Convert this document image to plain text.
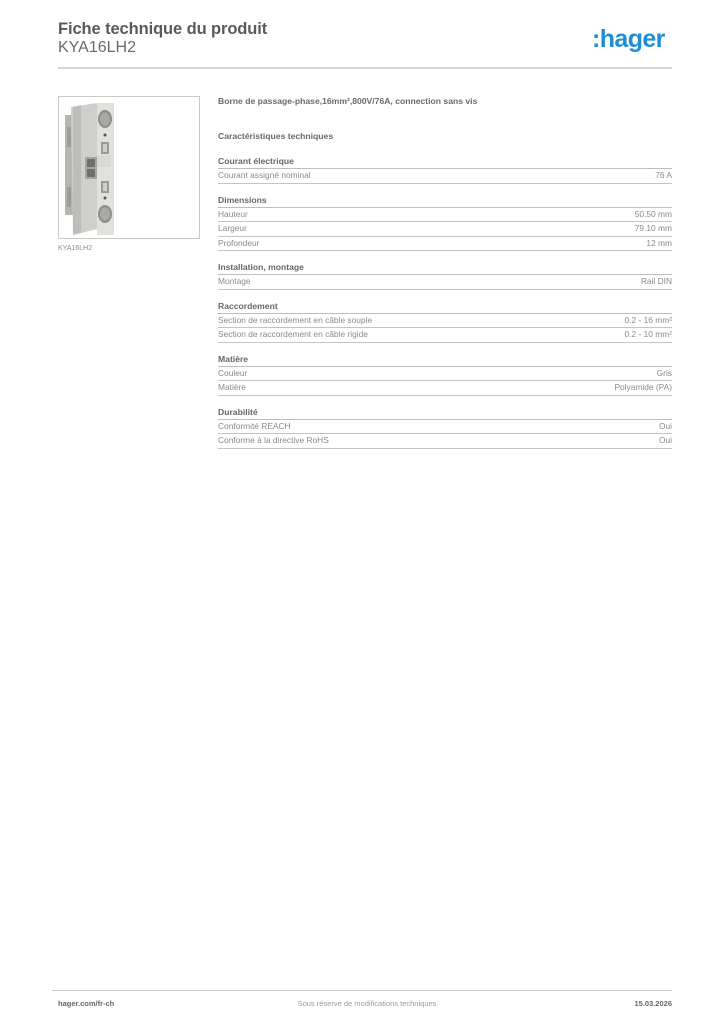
Fiche technique du produit
KYA16LH2	:hager
KYA16LH2
Borne de passage-phase,16mm²,800V/76A, connection sans vis
Caractéristiques techniques
Courant électrique
Courant assigné nominal	76 A
Dimensions
Hauteur	50.50 mm
Largeur	79.10 mm
Profondeur	12 mm
Installation, montage
Montage	Rail DIN
Raccordement
Section de raccordement en câble souple	0.2 - 16 mm²
Section de raccordement en câble rigide	0.2 - 10 mm²
Matière
Couleur	Gris
Matière	Polyamide (PA)
Durabilité
Conformité REACH	Oui
Conforme à la directive RoHS	Oui
hager.com/fr-ch	Sous réserve de modifications techniques	15.03.2026
